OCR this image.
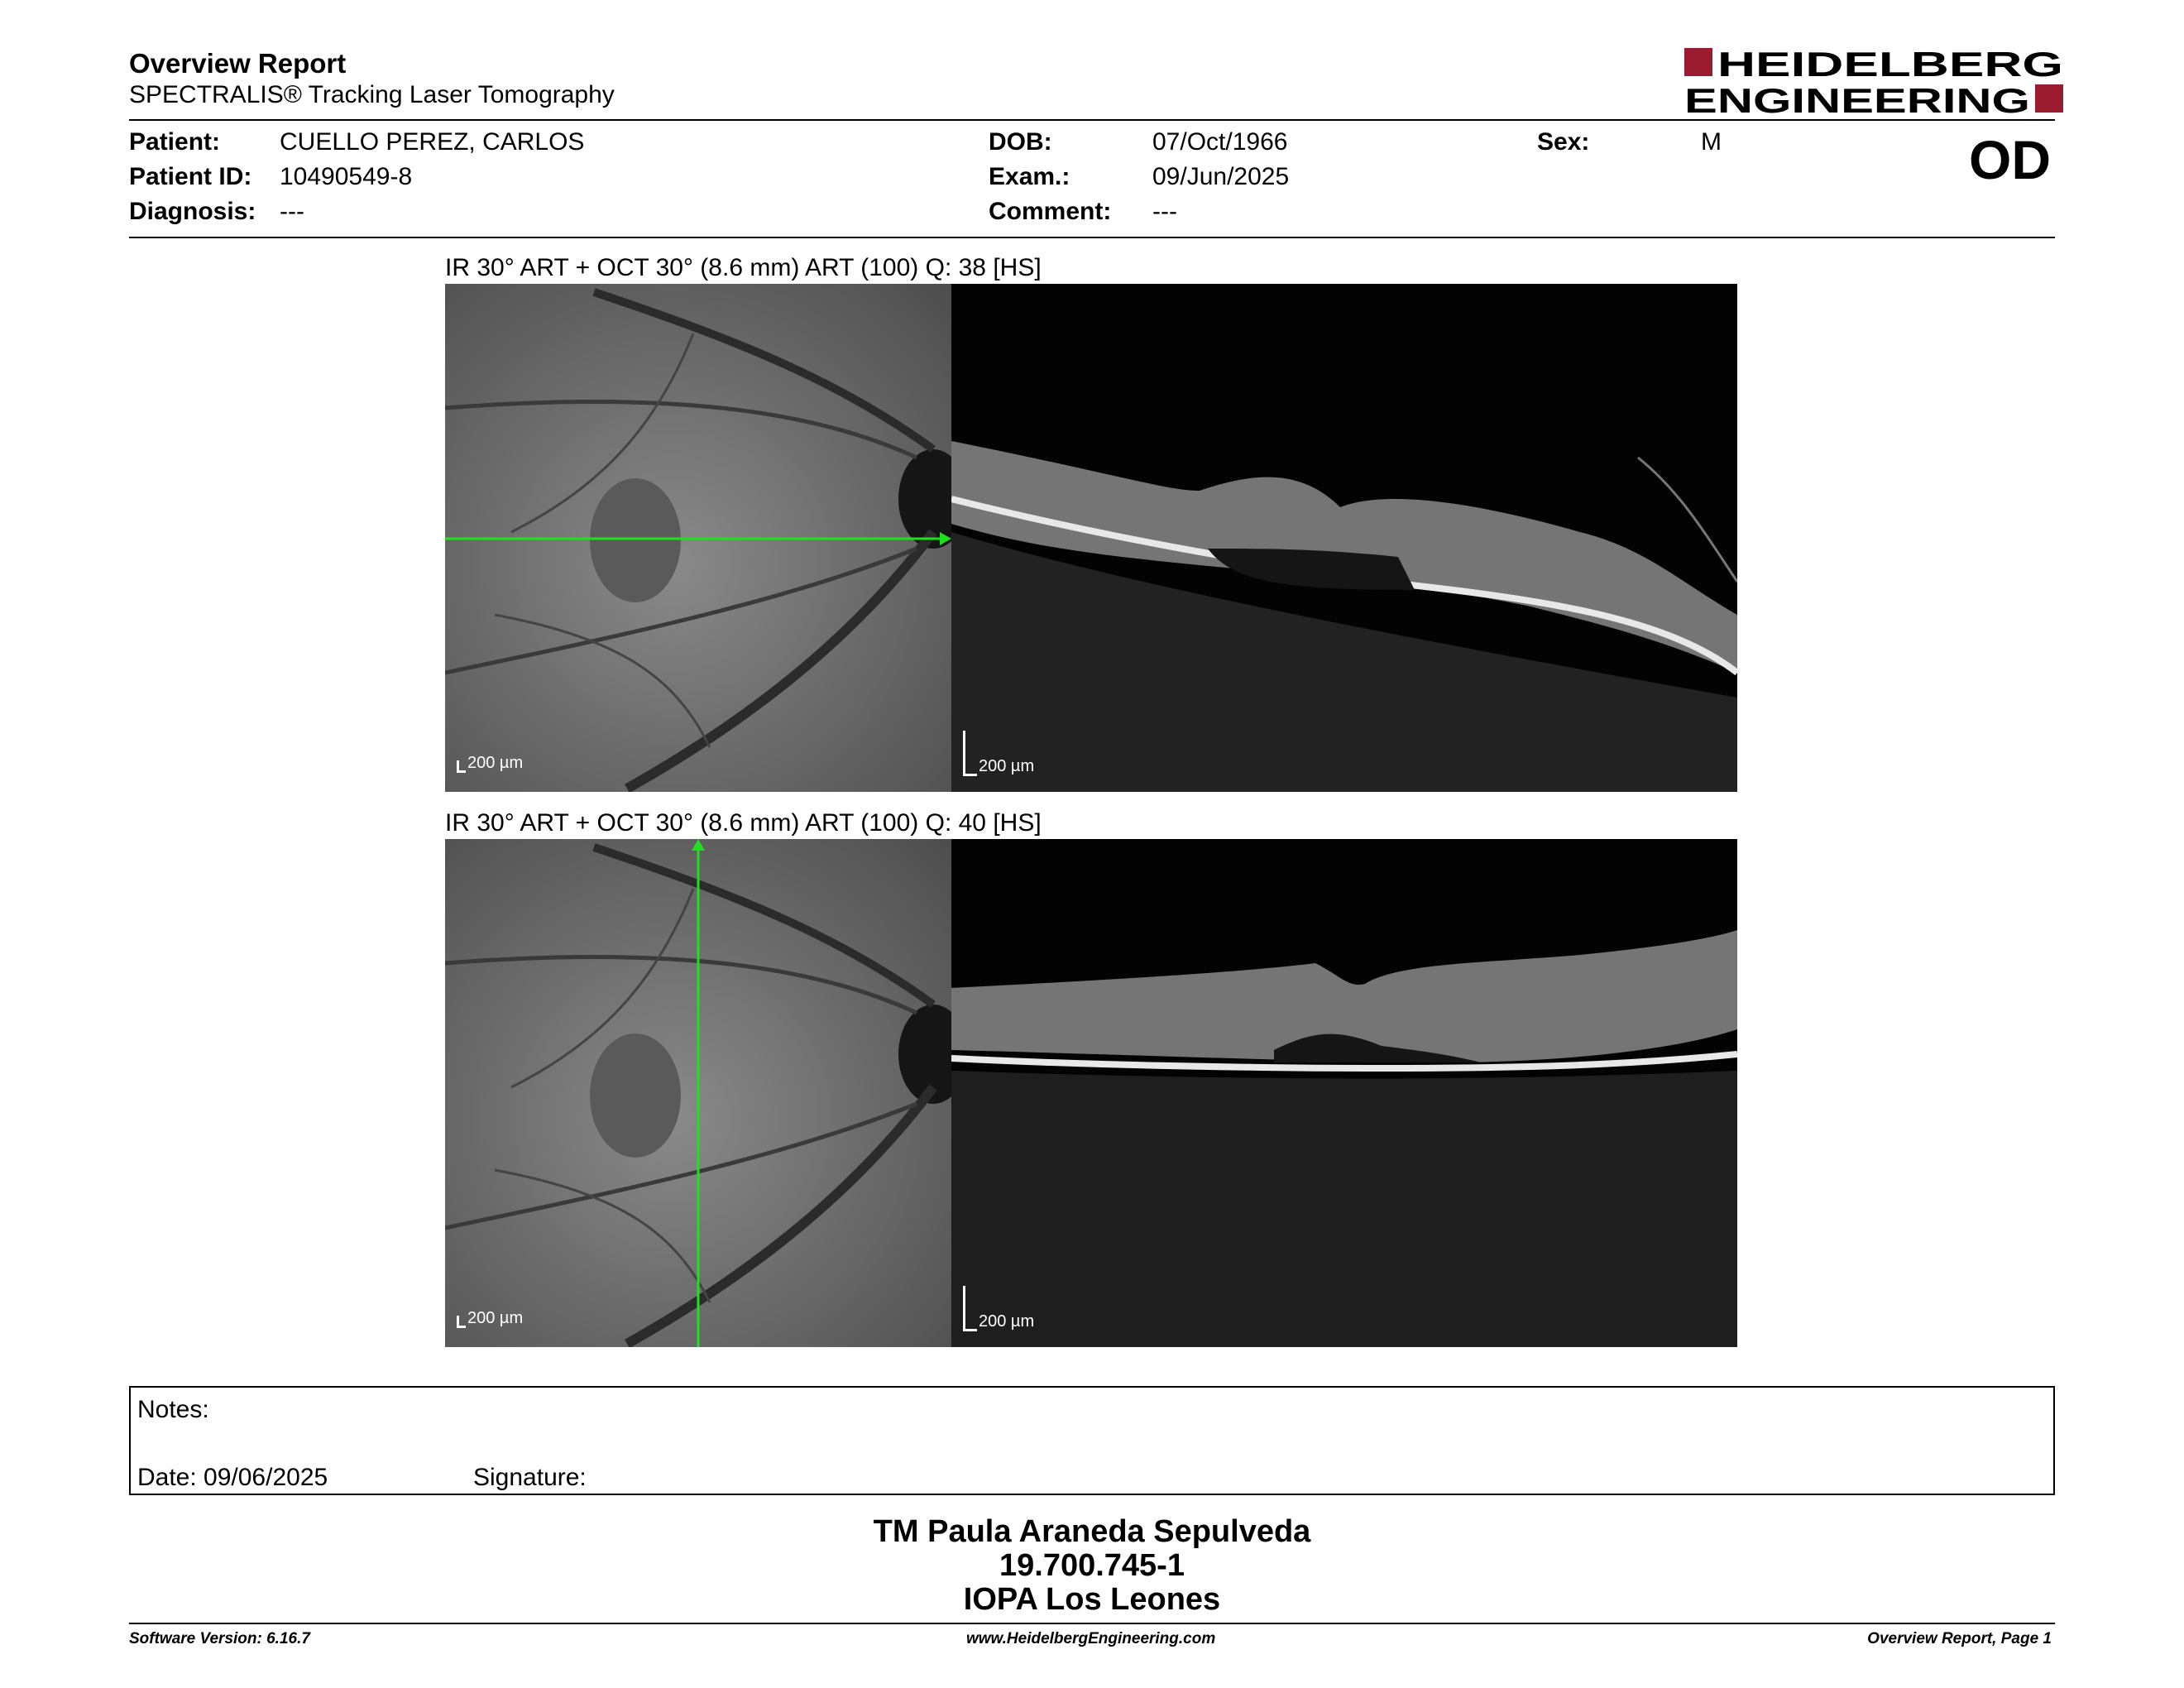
Overview Report
SPECTRALIS® Tracking Laser Tomography
HEIDELBERG
ENGINEERING
Patient: CUELLO PEREZ, CARLOS
Patient ID: 10490549-8
Diagnosis: ---
DOB:	07/Oct/1966
Exam.:	09/Jun/2025
Comment: ---
Sex:	M	OD
IR 30° ART + OCT 30° (8.6 mm) ART (100) Q: 38 [HS]
200 µm	200 µm
IR 30° ART + OCT 30° (8.6 mm) ART (100) Q: 40 [HS]
200 µm	200 µm
Notes:
Date: 09/06/2025	Signature:
TM Paula Araneda Sepulveda
19.700.745-1
IOPA Los Leones
Software Version: 6.16.7	www.HeidelbergEngineering.com	Overview Report, Page 1
